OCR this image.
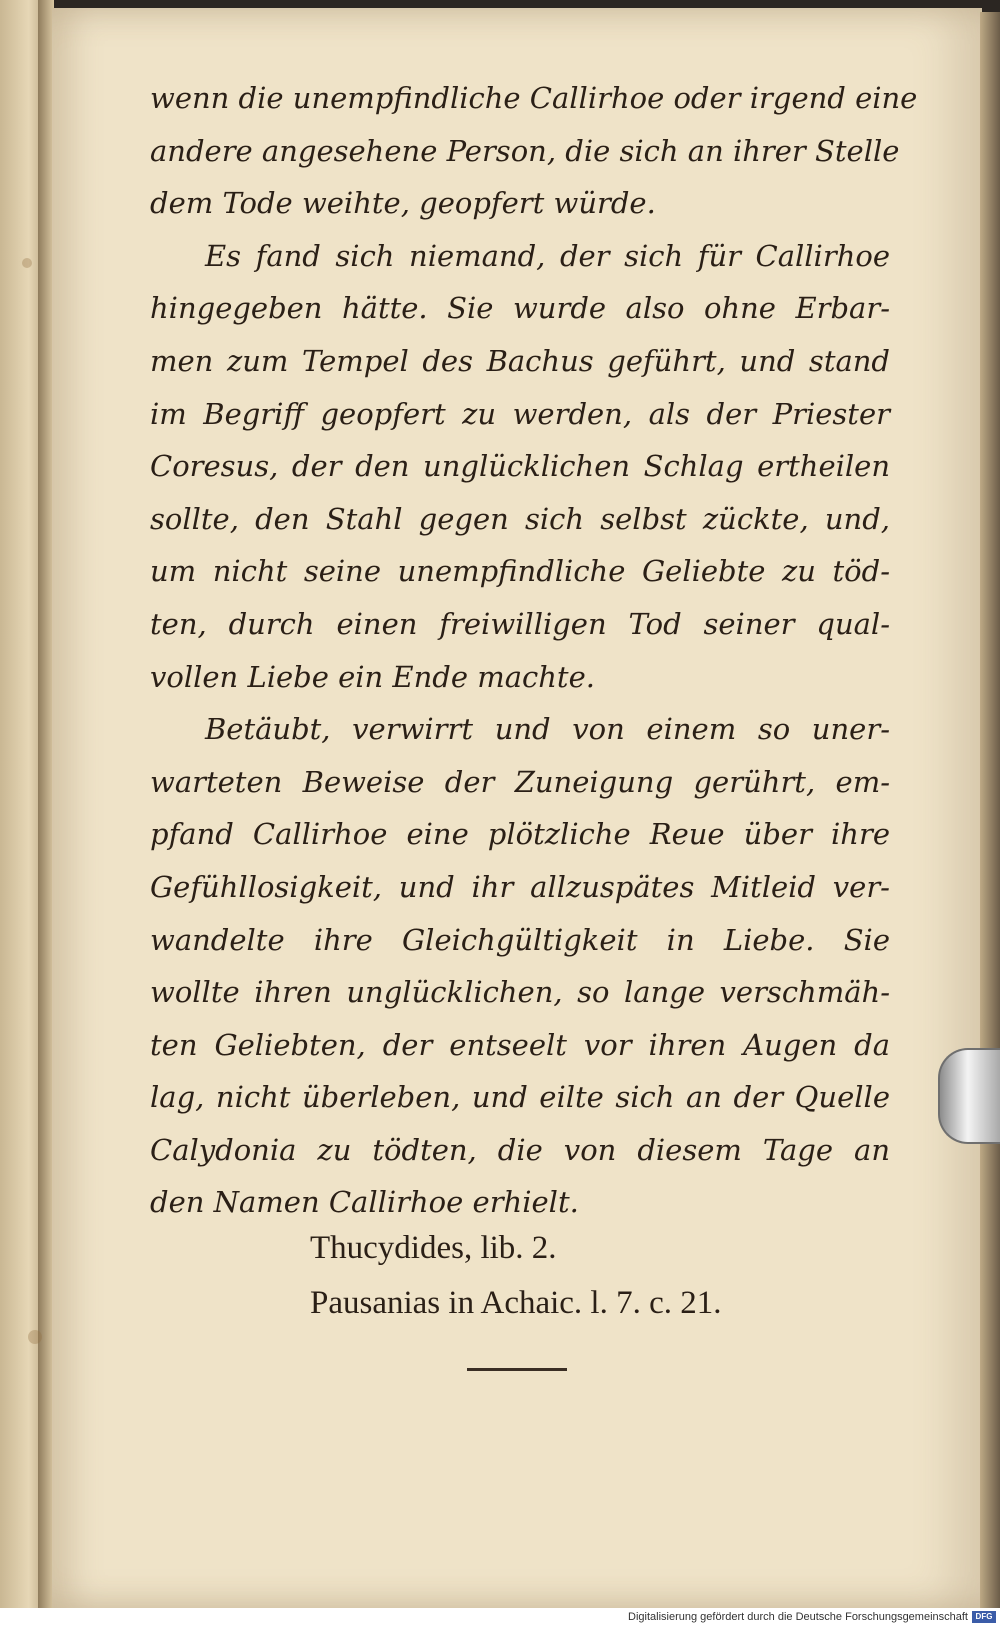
wenn die unempfindliche Callirhoe oder irgend eine
andere angesehene Person, die sich an ihrer Stelle
dem Tode weihte, geopfert würde.
Es fand sich niemand, der sich für Callirhoe
hingegeben hätte. Sie wurde also ohne Erbar-
men zum Tempel des Bachus geführt, und stand
im Begriff geopfert zu werden, als der Priester
Coresus, der den unglücklichen Schlag ertheilen
sollte, den Stahl gegen sich selbst zückte, und,
um nicht seine unempfindliche Geliebte zu töd-
ten, durch einen freiwilligen Tod seiner qual-
vollen Liebe ein Ende machte.
Betäubt, verwirrt und von einem so uner-
warteten Beweise der Zuneigung gerührt, em-
pfand Callirhoe eine plötzliche Reue über ihre
Gefühllosigkeit, und ihr allzuspätes Mitleid ver-
wandelte ihre Gleichgültigkeit in Liebe. Sie
wollte ihren unglücklichen, so lange verschmäh-
ten Geliebten, der entseelt vor ihren Augen da
lag, nicht überleben, und eilte sich an der Quelle
Calydonia zu tödten, die von diesem Tage an
den Namen Callirhoe erhielt.
Thucydides, lib. 2.
Pausanias in Achaic. l. 7. c. 21.
Digitalisierung gefördert durch die Deutsche Forschungsgemeinschaft DFG
